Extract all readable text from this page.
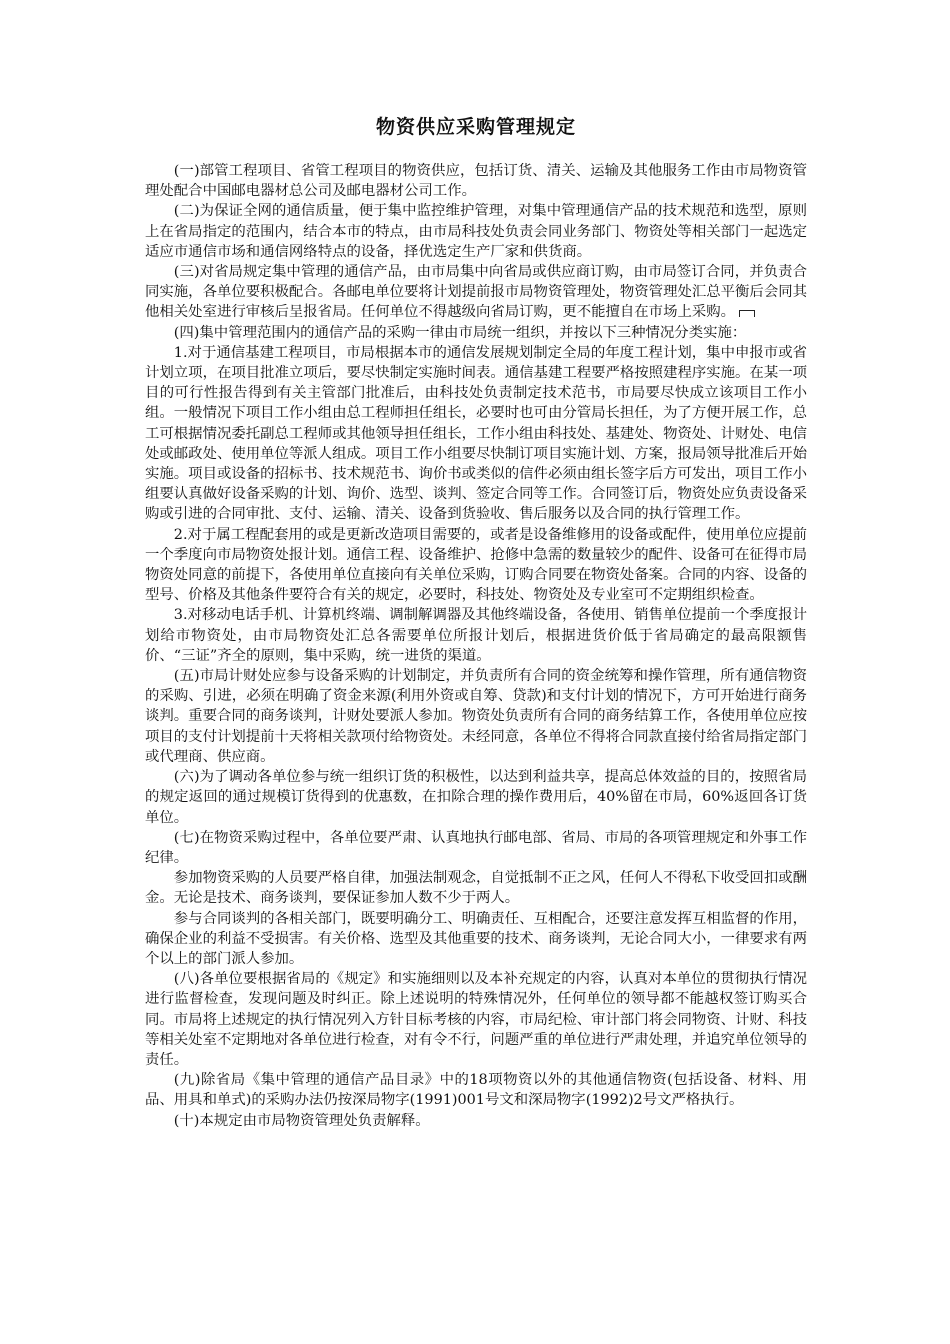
物资供应采购管理规定

(一)部管工程项目、省管工程项目的物资供应，包括订货、清关、运输及其他服务工作由市局物资管理处配合中国邮电器材总公司及邮电器材公司工作。

(二)为保证全网的通信质量，便于集中监控维护管理，对集中管理通信产品的技术规范和选型，原则上在省局指定的范围内，结合本市的特点，由市局科技处负责会同业务部门、物资处等相关部门一起选定适应市通信市场和通信网络特点的设备，择优选定生产厂家和供货商。

(三)对省局规定集中管理的通信产品，由市局集中向省局或供应商订购，由市局签订合同，并负责合同实施，各单位要积极配合。各邮电单位要将计划提前报市局物资管理处，物资管理处汇总平衡后会同其他相关处室进行审核后呈报省局。任何单位不得越级向省局订购，更不能擅自在市场上采购。

(四)集中管理范围内的通信产品的采购一律由市局统一组织，并按以下三种情况分类实施：

1.对于通信基建工程项目，市局根据本市的通信发展规划制定全局的年度工程计划，集中申报市或省计划立项，在项目批准立项后，要尽快制定实施时间表。通信基建工程要严格按照建程序实施。在某一项目的可行性报告得到有关主管部门批准后，由科技处负责制定技术范书，市局要尽快成立该项目工作小组。一般情况下项目工作小组由总工程师担任组长，必要时也可由分管局长担任，为了方便开展工作，总工可根据情况委托副总工程师或其他领导担任组长，工作小组由科技处、基建处、物资处、计财处、电信处或邮政处、使用单位等派人组成。项目工作小组要尽快制订项目实施计划、方案，报局领导批准后开始实施。项目或设备的招标书、技术规范书、询价书或类似的信件必须由组长签字后方可发出，项目工作小组要认真做好设备采购的计划、询价、选型、谈判、签定合同等工作。合同签订后，物资处应负责设备采购或引进的合同审批、支付、运输、清关、设备到货验收、售后服务以及合同的执行管理工作。

2.对于属工程配套用的或是更新改造项目需要的，或者是设备维修用的设备或配件，使用单位应提前一个季度向市局物资处报计划。通信工程、设备维护、抢修中急需的数量较少的配件、设备可在征得市局物资处同意的前提下，各使用单位直接向有关单位采购，订购合同要在物资处备案。合同的内容、设备的型号、价格及其他条件要符合有关的规定，必要时，科技处、物资处及专业室可不定期组织检查。

3.对移动电话手机、计算机终端、调制解调器及其他终端设备，各使用、销售单位提前一个季度报计划给市物资处，由市局物资处汇总各需要单位所报计划后，根据进货价低于省局确定的最高限额售价、“三证”齐全的原则，集中采购，统一进货的渠道。

(五)市局计财处应参与设备采购的计划制定，并负责所有合同的资金统筹和操作管理，所有通信物资的采购、引进，必须在明确了资金来源(利用外资或自筹、贷款)和支付计划的情况下，方可开始进行商务谈判。重要合同的商务谈判，计财处要派人参加。物资处负责所有合同的商务结算工作，各使用单位应按项目的支付计划提前十天将相关款项付给物资处。未经同意，各单位不得将合同款直接付给省局指定部门或代理商、供应商。

(六)为了调动各单位参与统一组织订货的积极性，以达到利益共享，提高总体效益的目的，按照省局的规定返回的通过规模订货得到的优惠数，在扣除合理的操作费用后，40%留在市局，60%返回各订货单位。

(七)在物资采购过程中，各单位要严肃、认真地执行邮电部、省局、市局的各项管理规定和外事工作纪律。

参加物资采购的人员要严格自律，加强法制观念，自觉抵制不正之风，任何人不得私下收受回扣或酬金。无论是技术、商务谈判，要保证参加人数不少于两人。

参与合同谈判的各相关部门，既要明确分工、明确责任、互相配合，还要注意发挥互相监督的作用，确保企业的利益不受损害。有关价格、选型及其他重要的技术、商务谈判，无论合同大小，一律要求有两个以上的部门派人参加。

(八)各单位要根据省局的《规定》和实施细则以及本补充规定的内容，认真对本单位的贯彻执行情况进行监督检查，发现问题及时纠正。除上述说明的特殊情况外，任何单位的领导都不能越权签订购买合同。市局将上述规定的执行情况列入方针目标考核的内容，市局纪检、审计部门将会同物资、计财、科技等相关处室不定期地对各单位进行检查，对有令不行，问题严重的单位进行严肃处理，并追究单位领导的责任。

(九)除省局《集中管理的通信产品目录》中的18项物资以外的其他通信物资(包括设备、材料、用品、用具和单式)的采购办法仍按深局物字(1991)001号文和深局物字(1992)2号文严格执行。

(十)本规定由市局物资管理处负责解释。
